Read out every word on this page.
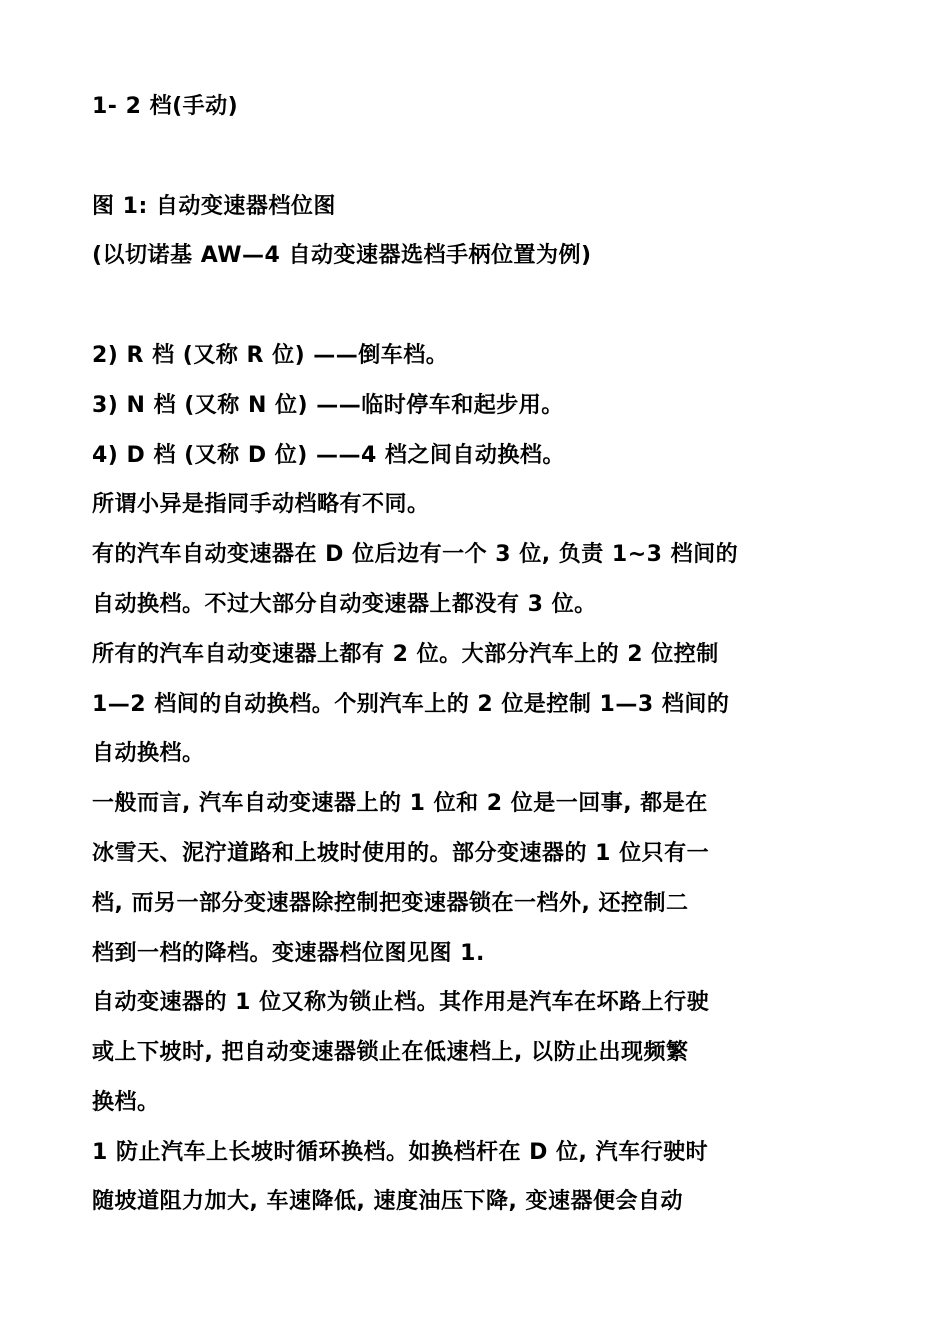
1- 2 档(手动)
图 1: 自动变速器档位图
(以切诺基 AW—4 自动变速器选档手柄位置为例)
2) R 档 (又称 R 位) ——倒车档。
3) N 档 (又称 N 位) ——临时停车和起步用。
4) D 档 (又称 D 位) ——4 档之间自动换档。
所谓小异是指同手动档略有不同。
有的汽车自动变速器在 D 位后边有一个 3 位, 负责 1~3 档间的
自动换档。不过大部分自动变速器上都没有 3 位。
所有的汽车自动变速器上都有 2 位。大部分汽车上的 2 位控制
1—2 档间的自动换档。个别汽车上的 2 位是控制 1—3 档间的
自动换档。
一般而言, 汽车自动变速器上的 1 位和 2 位是一回事, 都是在
冰雪天、泥泞道路和上坡时使用的。部分变速器的 1 位只有一
档, 而另一部分变速器除控制把变速器锁在一档外, 还控制二
档到一档的降档。变速器档位图见图 1.
自动变速器的 1 位又称为锁止档。其作用是汽车在坏路上行驶
或上下坡时, 把自动变速器锁止在低速档上, 以防止出现频繁
换档。
1 防止汽车上长坡时循环换档。如换档杆在 D 位, 汽车行驶时
随坡道阻力加大, 车速降低, 速度油压下降, 变速器便会自动
